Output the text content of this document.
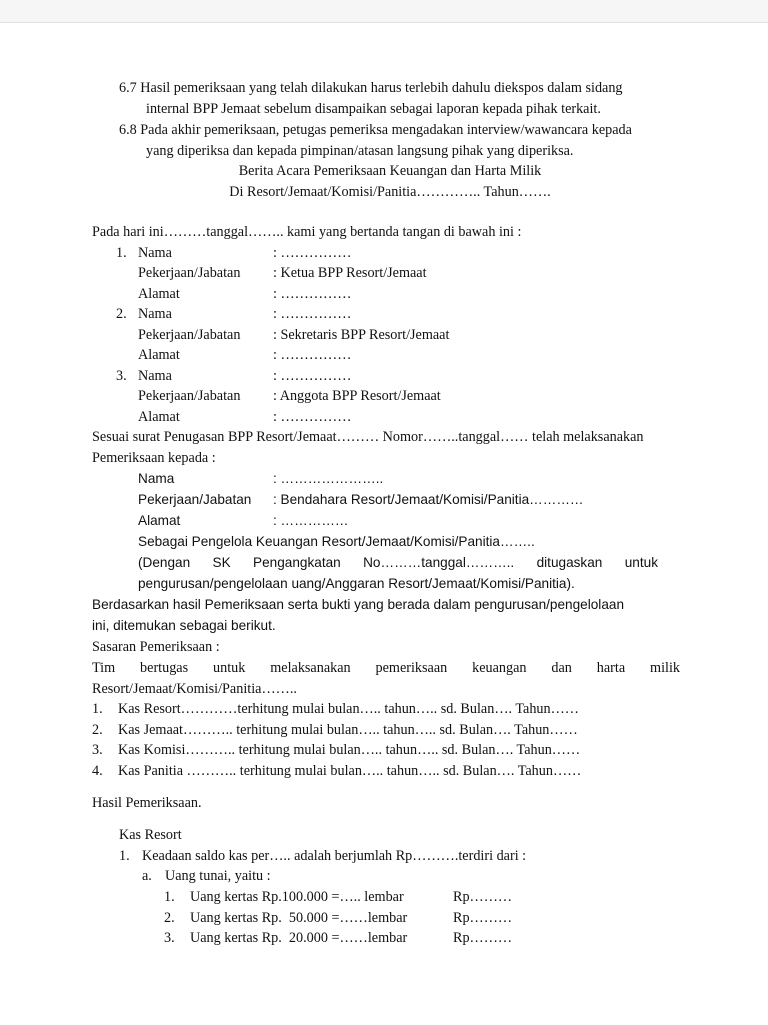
6.7 Hasil pemeriksaan yang telah dilakukan harus terlebih dahulu diekspos dalam sidang
internal BPP Jemaat sebelum disampaikan sebagai laporan kepada pihak terkait.
6.8 Pada akhir pemeriksaan, petugas pemeriksa mengadakan interview/wawancara kepada
yang diperiksa dan kepada pimpinan/atasan langsung pihak yang diperiksa.
Berita Acara Pemeriksaan Keuangan dan Harta Milik
Di Resort/Jemaat/Komisi/Panitia………….. Tahun…….
Pada hari ini………tanggal…….. kami yang bertanda tangan di bawah ini :
1. Nama	: ……………
Pekerjaan/Jabatan : Ketua BPP Resort/Jemaat
Alamat	: ……………
2. Nama	: ……………
Pekerjaan/Jabatan : Sekretaris BPP Resort/Jemaat
Alamat	: ……………
3. Nama	: ……………
Pekerjaan/Jabatan : Anggota BPP Resort/Jemaat
Alamat	: ……………
Sesuai surat Penugasan BPP Resort/Jemaat……… Nomor……..tanggal…… telah melaksanakan
Pemeriksaan kepada :
Nama	: …………………..
Pekerjaan/Jabatan : Bendahara Resort/Jemaat/Komisi/Panitia…………
Alamat	: ……………
Sebagai Pengelola Keuangan Resort/Jemaat/Komisi/Panitia……..
(Dengan SK Pengangkatan No………tanggal……….. ditugaskan untuk
pengurusan/pengelolaan uang/Anggaran Resort/Jemaat/Komisi/Panitia).
Berdasarkan hasil Pemeriksaan serta bukti yang berada dalam pengurusan/pengelolaan
ini, ditemukan sebagai berikut.
Sasaran Pemeriksaan :
Tim bertugas untuk melaksanakan pemeriksaan keuangan dan harta milik
Resort/Jemaat/Komisi/Panitia……..
1. Kas Resort…………terhitung mulai bulan….. tahun….. sd. Bulan…. Tahun……
2. Kas Jemaat……….. terhitung mulai bulan….. tahun….. sd. Bulan…. Tahun……
3. Kas Komisi……….. terhitung mulai bulan….. tahun….. sd. Bulan…. Tahun……
4. Kas Panitia ……….. terhitung mulai bulan….. tahun….. sd. Bulan…. Tahun……
Hasil Pemeriksaan.
Kas Resort
1. Keadaan saldo kas per….. adalah berjumlah Rp……….terdiri dari :
a. Uang tunai, yaitu :
1. Uang kertas Rp.100.000 =….. lembar	Rp………
2. Uang kertas Rp.  50.000 =……lembar	Rp………
3. Uang kertas Rp.  20.000 =……lembar	Rp………
